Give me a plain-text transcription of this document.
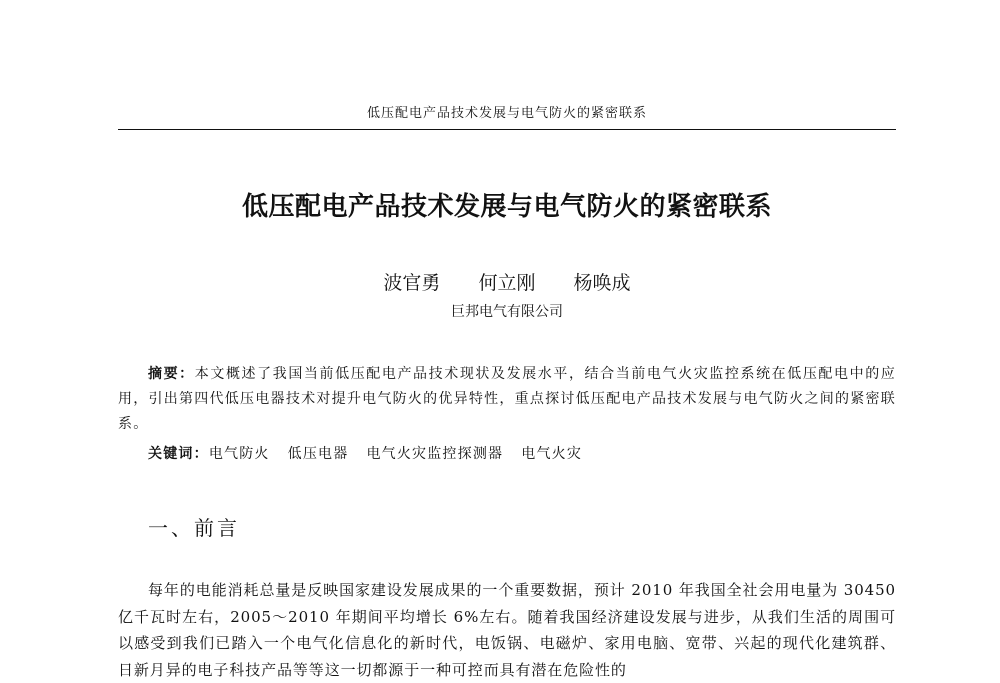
低压配电产品技术发展与电气防火的紧密联系
低压配电产品技术发展与电气防火的紧密联系
波官勇 何立刚 杨唤成
巨邦电气有限公司
摘要：本文概述了我国当前低压配电产品技术现状及发展水平，结合当前电气火灾监控系统在低压配电中的应用，引出第四代低压电器技术对提升电气防火的优异特性，重点探讨低压配电产品技术发展与电气防火之间的紧密联系。
关键词：电气防火 低压电器 电气火灾监控探测器 电气火灾
一、前言
每年的电能消耗总量是反映国家建设发展成果的一个重要数据，预计 2010 年我国全社会用电量为 30450 亿千瓦时左右，2005～2010 年期间平均增长 6%左右。随着我国经济建设发展与进步，从我们生活的周围可以感受到我们已踏入一个电气化信息化的新时代，电饭锅、电磁炉、家用电脑、宽带、兴起的现代化建筑群、日新月异的电子科技产品等等这一切都源于一种可控而具有潜在危险性的
